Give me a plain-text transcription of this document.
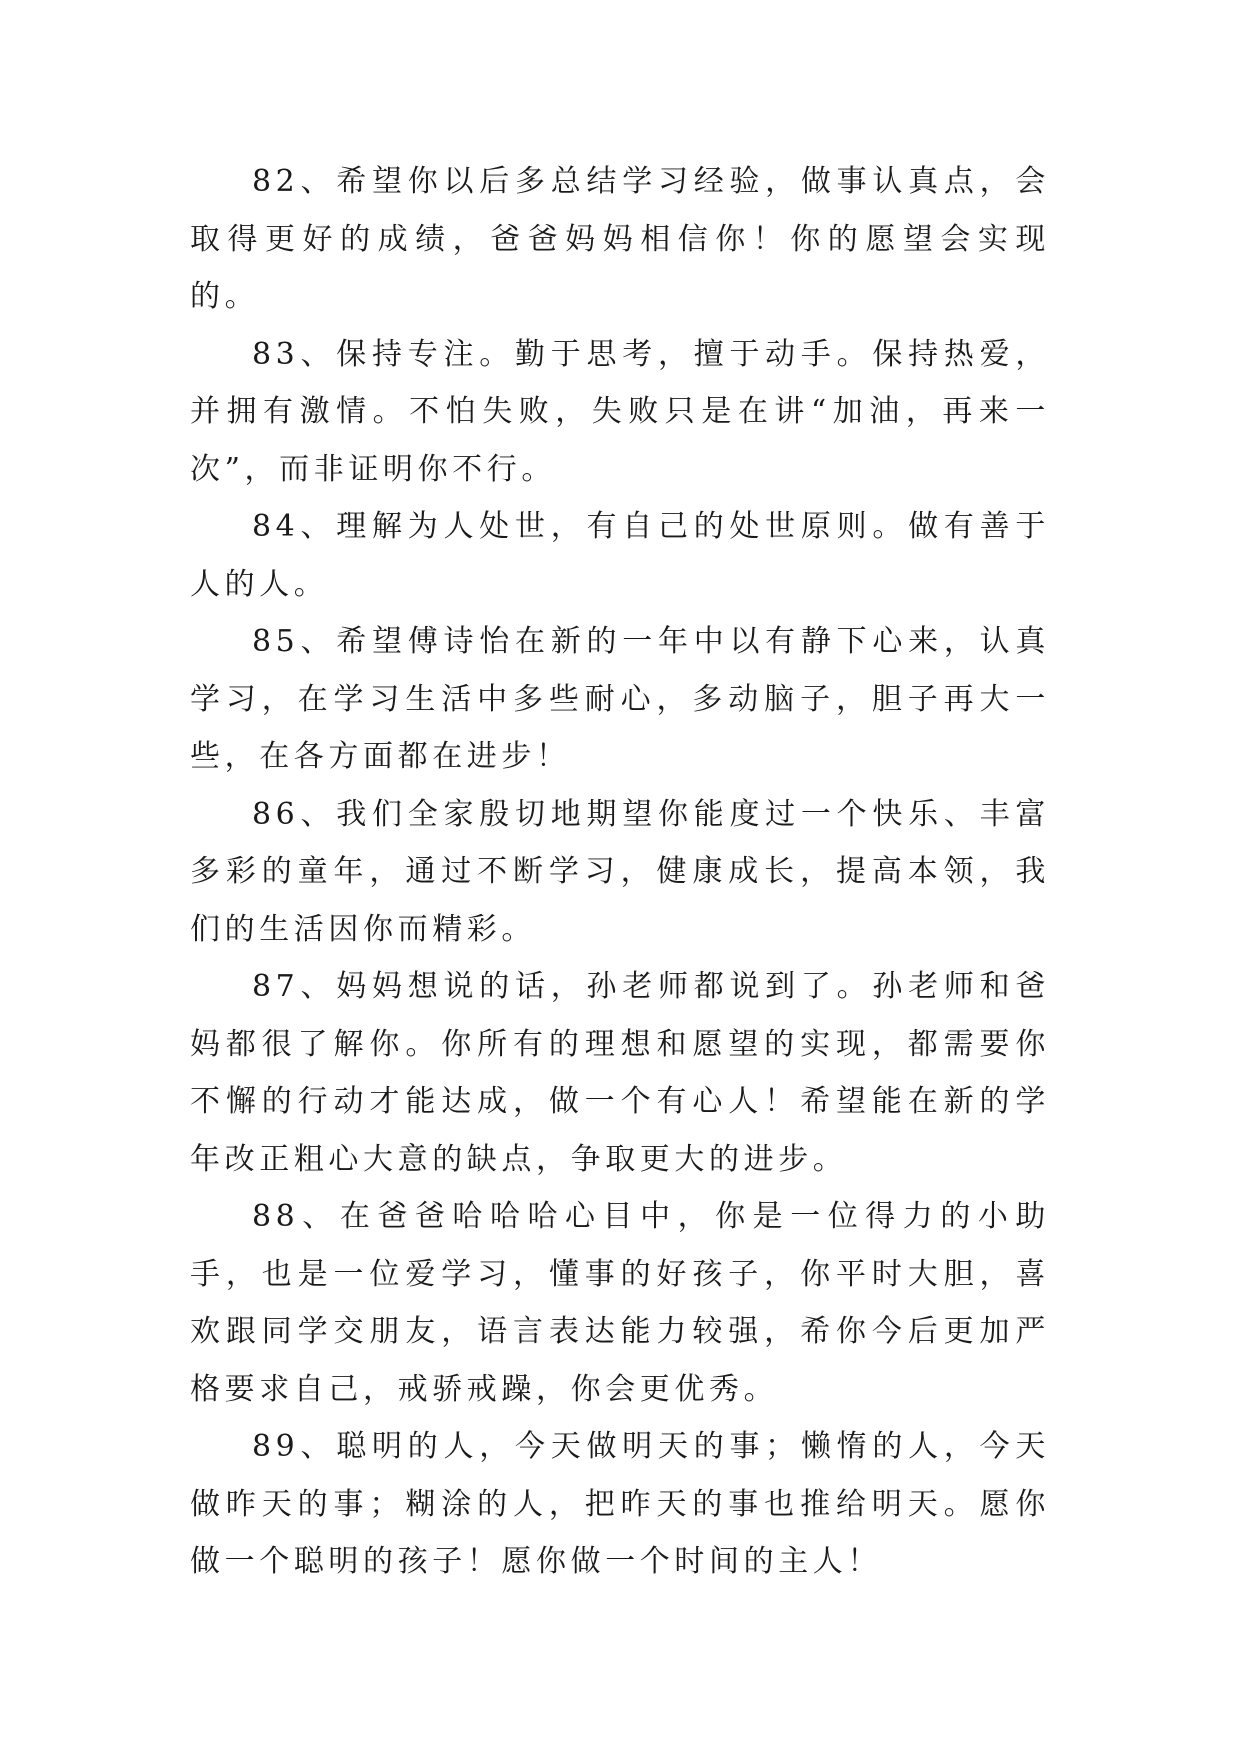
82、希望你以后多总结学习经验，做事认真点，会取得更好的成绩，爸爸妈妈相信你！你的愿望会实现的。

83、保持专注。勤于思考，擅于动手。保持热爱，并拥有激情。不怕失败，失败只是在讲“加油，再来一次”，而非证明你不行。

84、理解为人处世，有自己的处世原则。做有善于人的人。

85、希望傅诗怡在新的一年中以有静下心来，认真学习，在学习生活中多些耐心，多动脑子，胆子再大一些，在各方面都在进步！

86、我们全家殷切地期望你能度过一个快乐、丰富多彩的童年，通过不断学习，健康成长，提高本领，我们的生活因你而精彩。

87、妈妈想说的话，孙老师都说到了。孙老师和爸妈都很了解你。你所有的理想和愿望的实现，都需要你不懈的行动才能达成，做一个有心人！希望能在新的学年改正粗心大意的缺点，争取更大的进步。

88、在爸爸哈哈哈心目中，你是一位得力的小助手，也是一位爱学习，懂事的好孩子，你平时大胆，喜欢跟同学交朋友，语言表达能力较强，希你今后更加严格要求自己，戒骄戒躁，你会更优秀。

89、聪明的人，今天做明天的事；懒惰的人，今天做昨天的事；糊涂的人，把昨天的事也推给明天。愿你做一个聪明的孩子！愿你做一个时间的主人！
